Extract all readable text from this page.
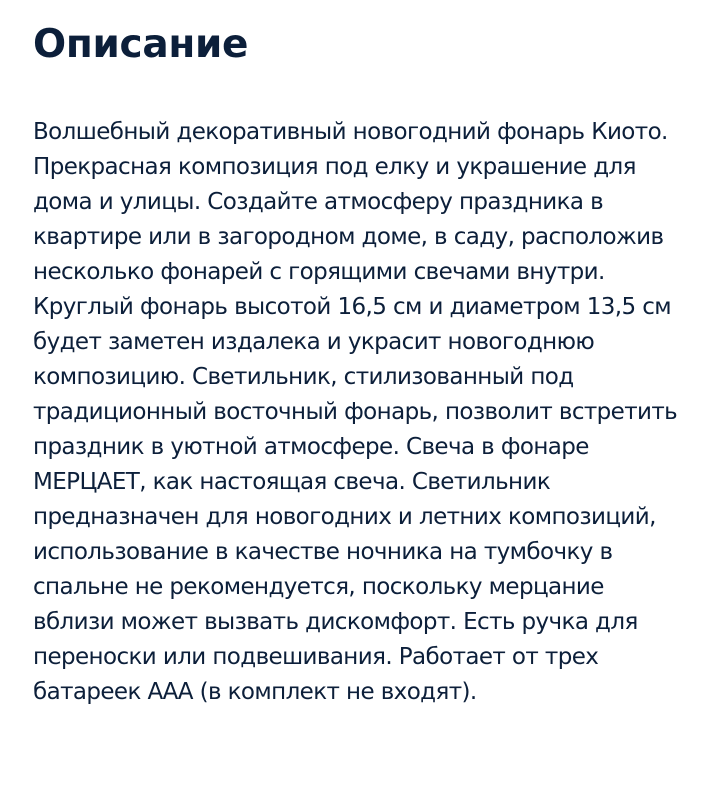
Описание

Волшебный декоративный новогодний фонарь Киото. Прекрасная композиция под елку и украшение для дома и улицы. Создайте атмосферу праздника в квартире или в загородном доме, в саду, расположив несколько фонарей с горящими свечами внутри. Круглый фонарь высотой 16,5 см и диаметром 13,5 см будет заметен издалека и украсит новогоднюю композицию. Светильник, стилизованный под традиционный восточный фонарь, позволит встретить праздник в уютной атмосфере. Свеча в фонаре МЕРЦАЕТ, как настоящая свеча. Светильник предназначен для новогодних и летних композиций, использование в качестве ночника на тумбочку в спальне не рекомендуется, поскольку мерцание вблизи может вызвать дискомфорт. Есть ручка для переноски или подвешивания. Работает от трех батареек ААА (в комплект не входят).
